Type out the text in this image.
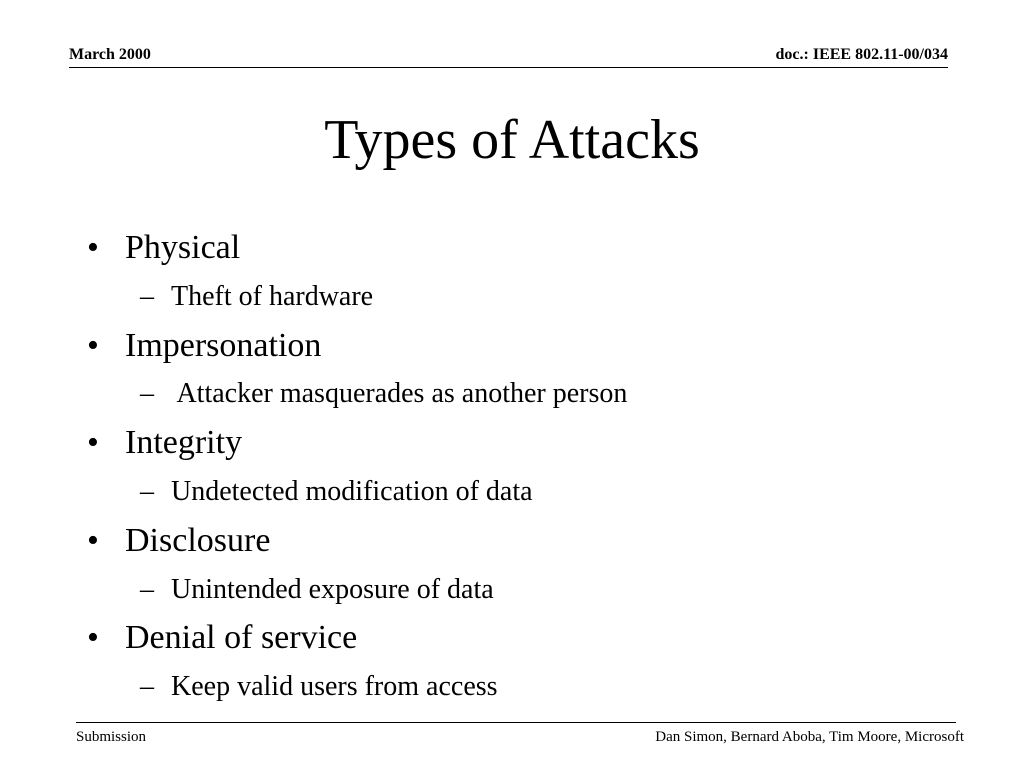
March 2000	doc.: IEEE 802.11-00/034
Types of Attacks
• Physical
– Theft of hardware
• Impersonation
– Attacker masquerades as another person
• Integrity
– Undetected modification of data
• Disclosure
– Unintended exposure of data
• Denial of service
– Keep valid users from access
Submission	Dan Simon, Bernard Aboba, Tim Moore, Microsoft
